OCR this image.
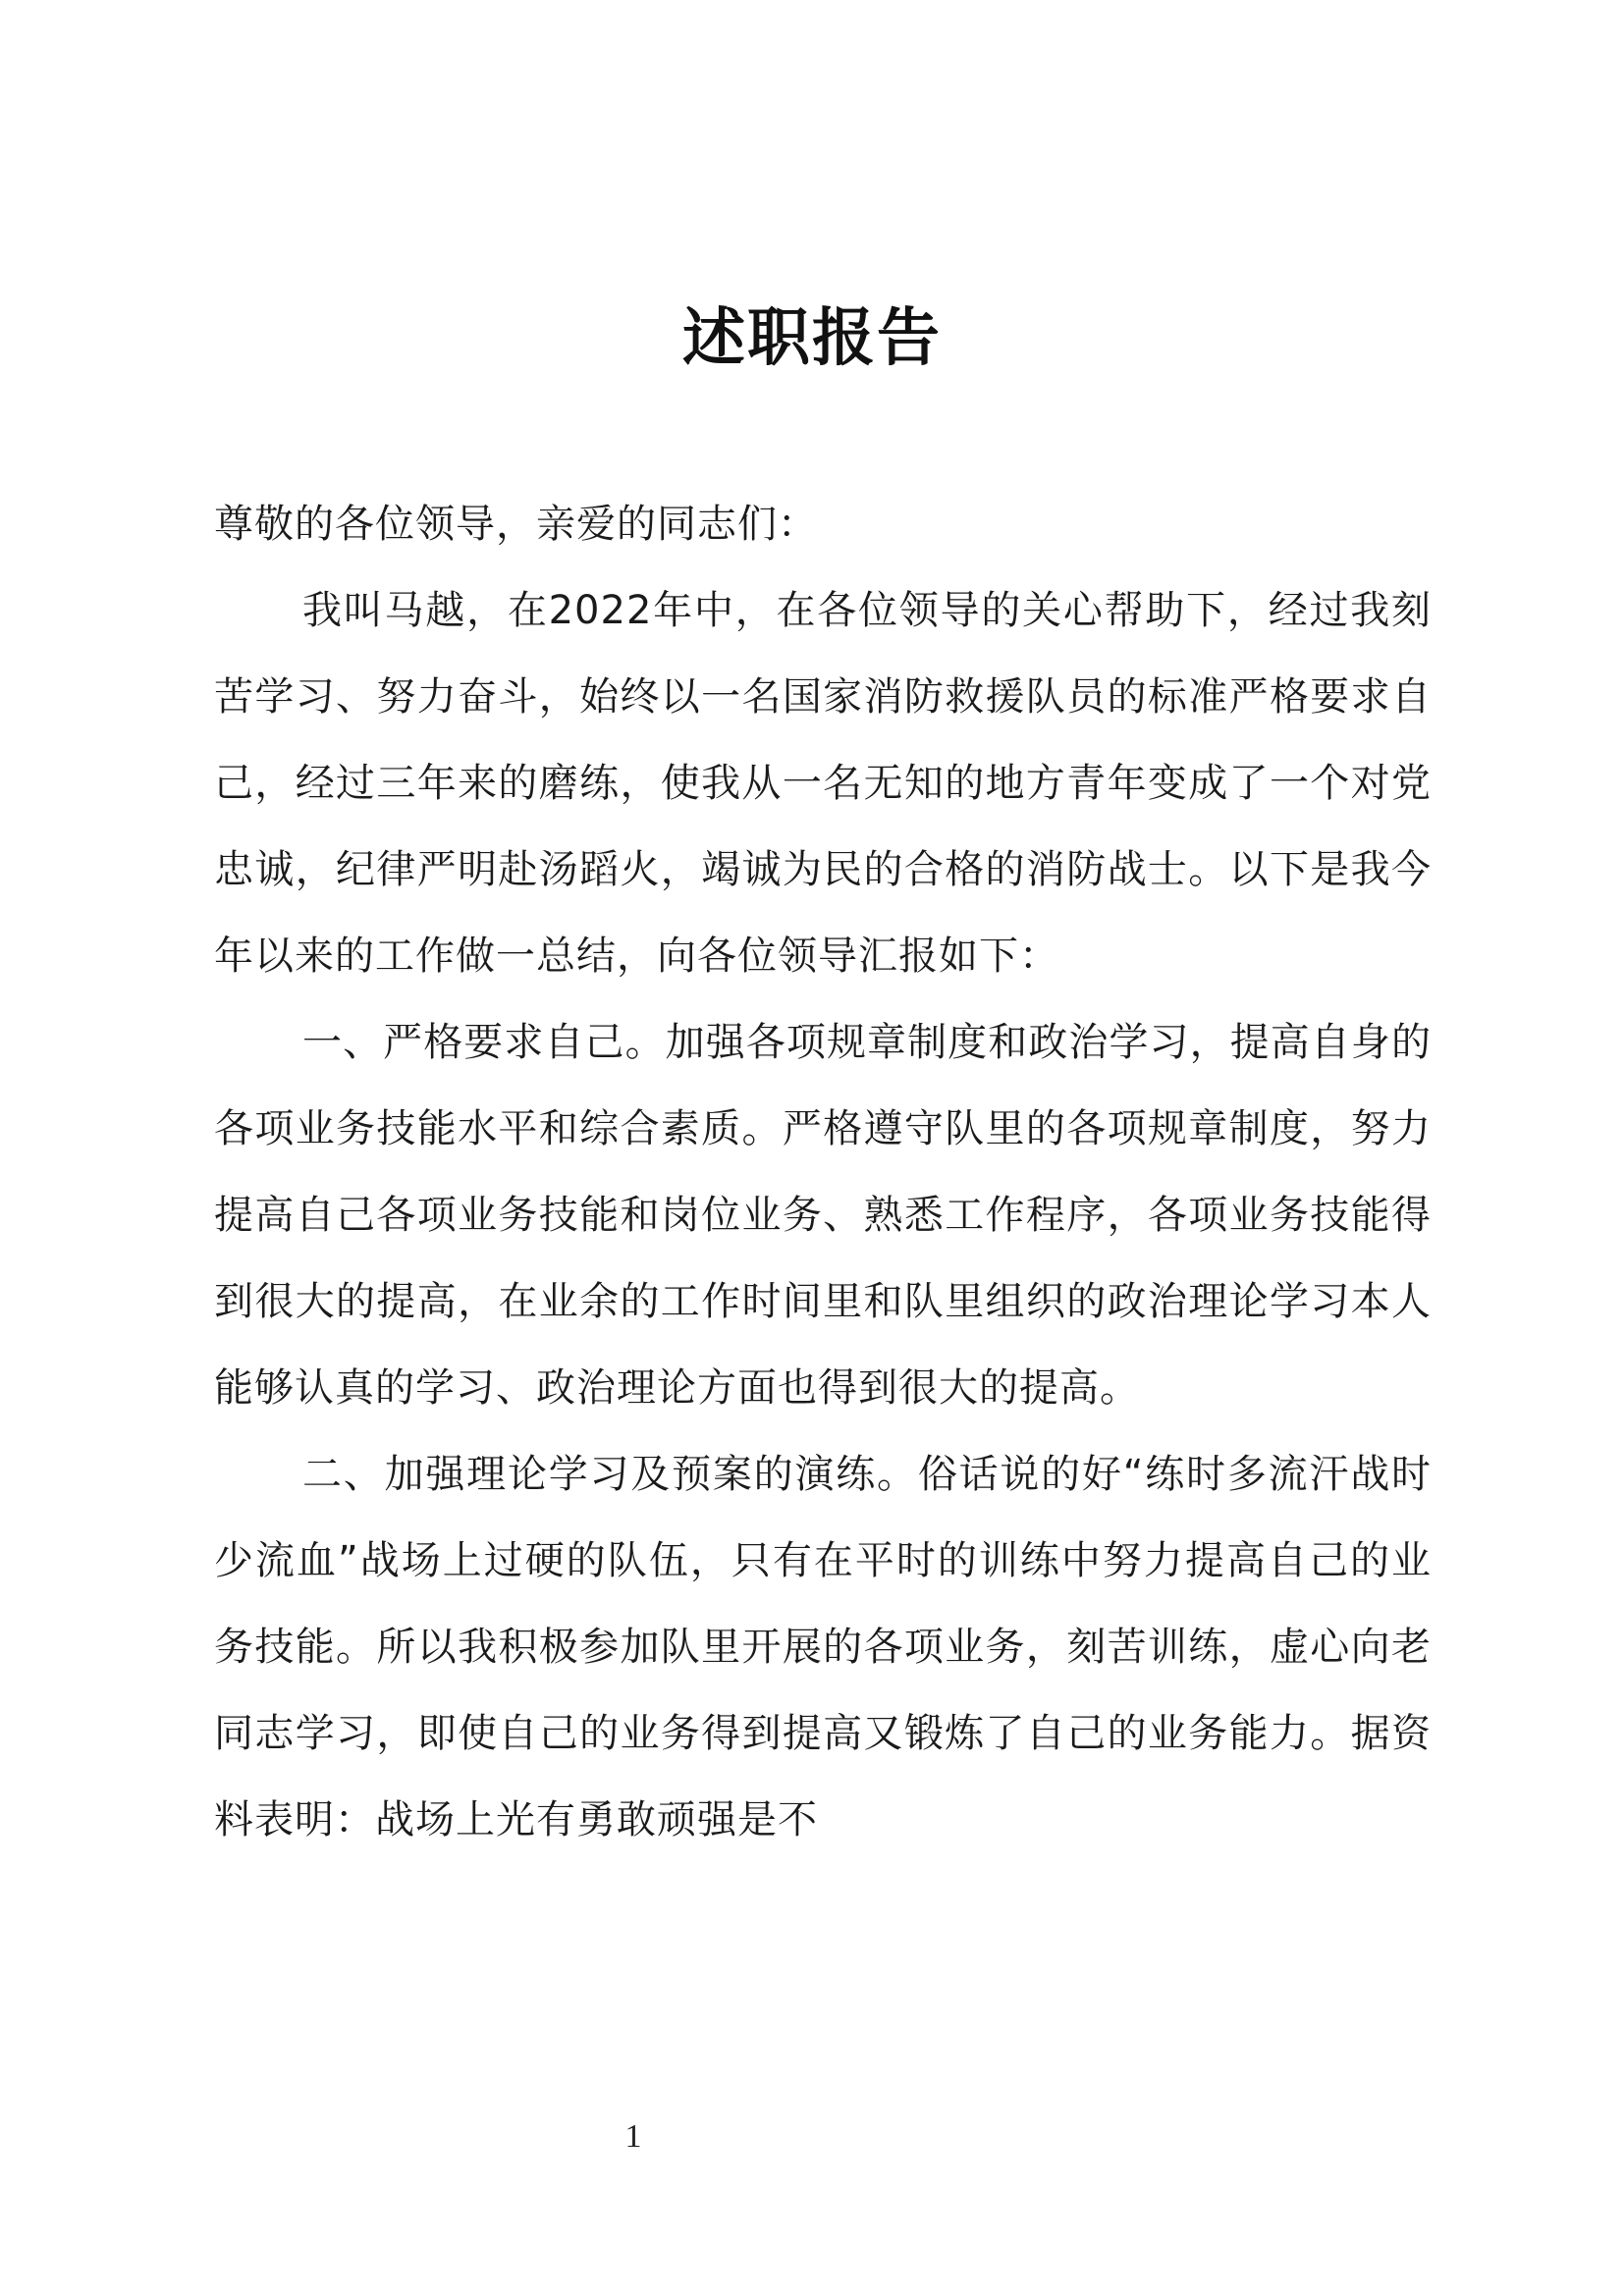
述职报告

尊敬的各位领导，亲爱的同志们：

我叫马越，在2022年中，在各位领导的关心帮助下，经过我刻苦学习、努力奋斗，始终以一名国家消防救援队员的标准严格要求自己，经过三年来的磨练，使我从一名无知的地方青年变成了一个对党忠诚，纪律严明赴汤蹈火，竭诚为民的合格的消防战士。以下是我今年以来的工作做一总结，向各位领导汇报如下：

一、严格要求自己。加强各项规章制度和政治学习，提高自身的各项业务技能水平和综合素质。严格遵守队里的各项规章制度，努力提高自己各项业务技能和岗位业务、熟悉工作程序，各项业务技能得到很大的提高，在业余的工作时间里和队里组织的政治理论学习本人能够认真的学习、政治理论方面也得到很大的提高。

二、加强理论学习及预案的演练。俗话说的好“练时多流汗战时少流血”战场上过硬的队伍，只有在平时的训练中努力提高自己的业务技能。所以我积极参加队里开展的各项业务，刻苦训练，虚心向老同志学习，即使自己的业务得到提高又锻炼了自己的业务能力。据资料表明：战场上光有勇敢顽强是不

1
